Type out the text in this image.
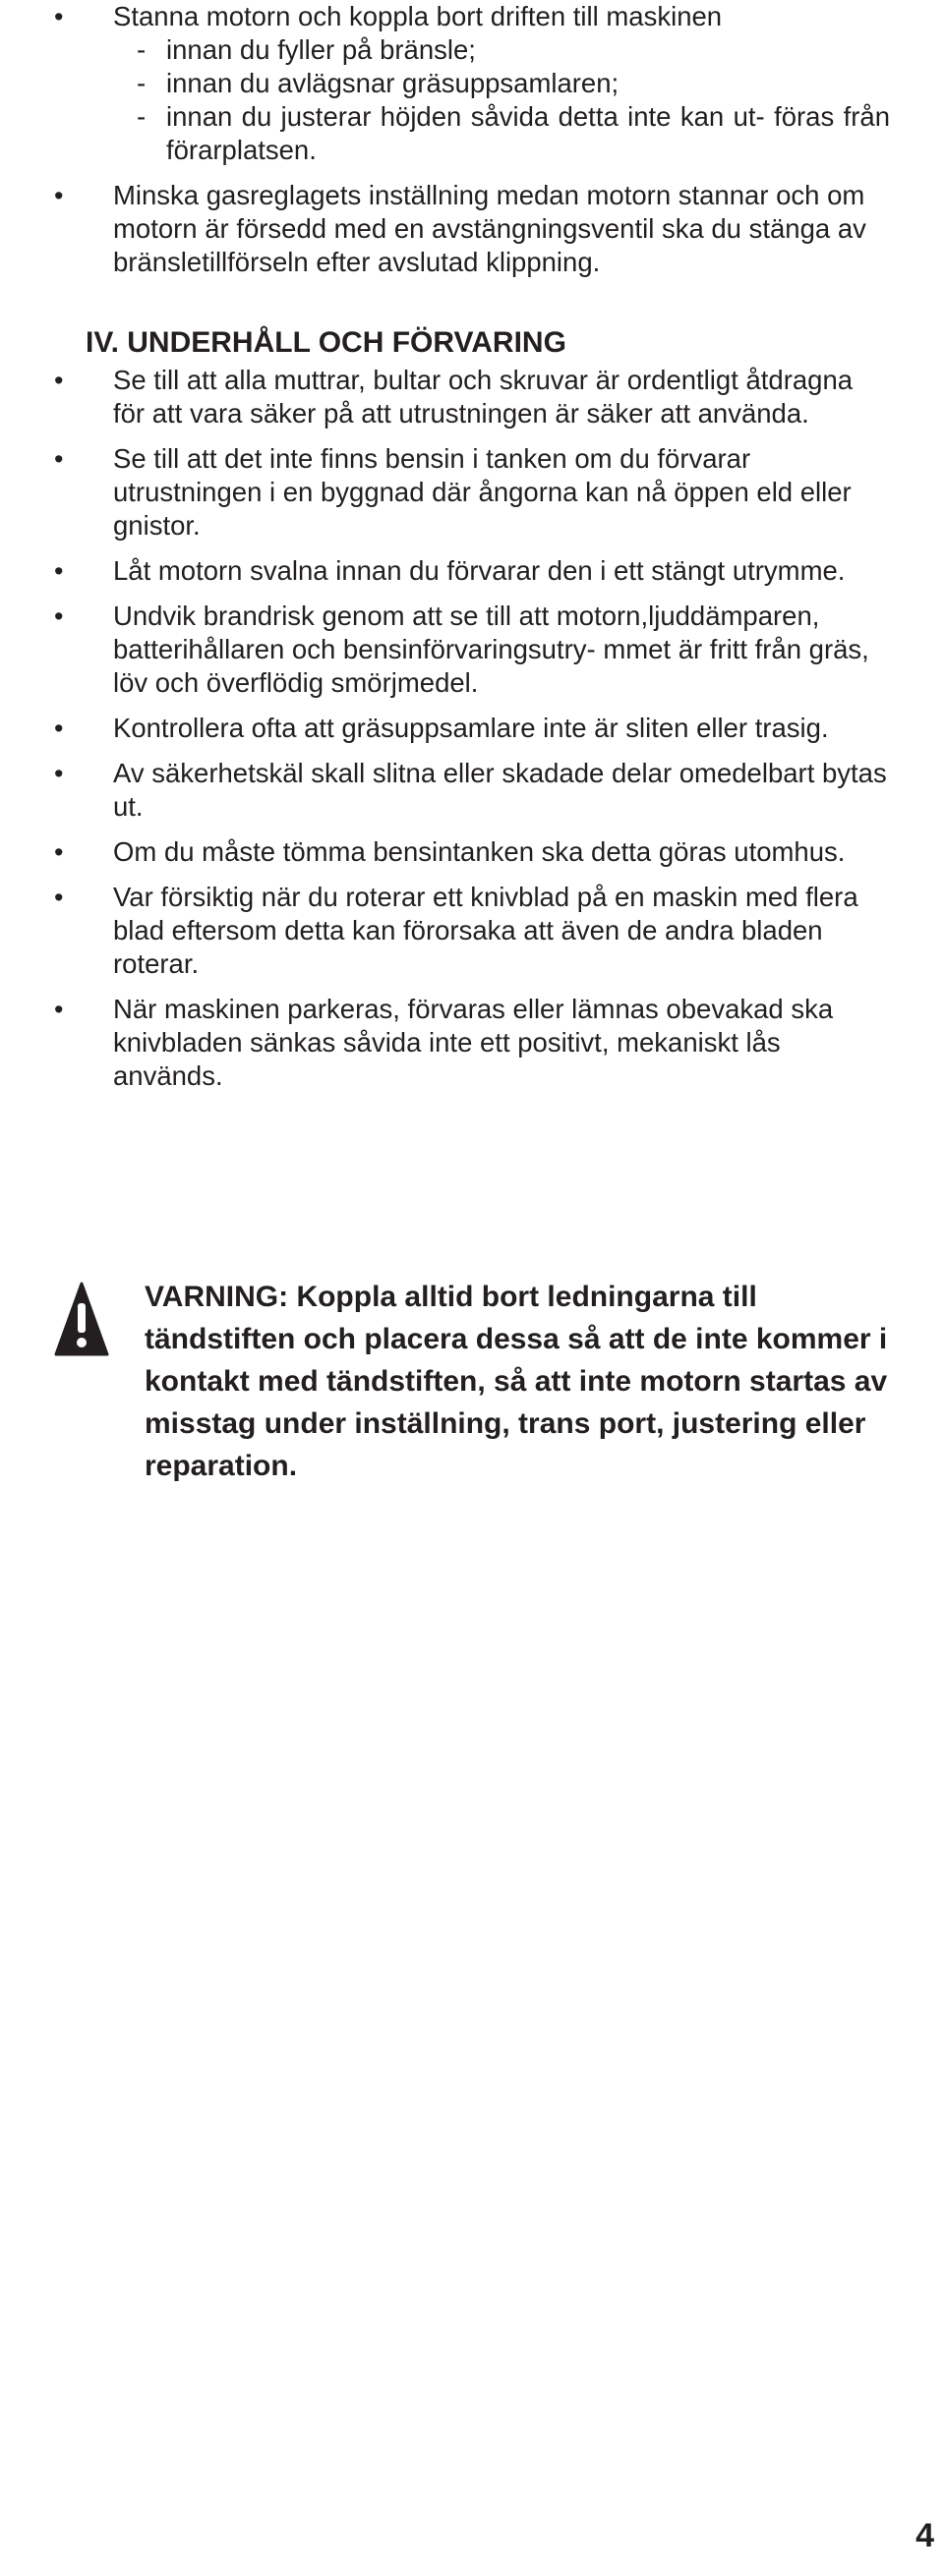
• Stanna motorn och koppla bort driften till maskinen
- innan du fyller på bränsle;
- innan du avlägsnar gräsuppsamlaren;
- innan du justerar höjden såvida detta inte kan ut- föras från förarplatsen.
• Minska gasreglagets inställning medan motorn stannar och om motorn är försedd med en avstängningsventil ska du stänga av bränsletillförseln efter avslutad klippning.
IV. UNDERHÅLL OCH FÖRVARING
• Se till att alla muttrar, bultar och skruvar är ordentligt åtdragna för att vara säker på att utrustningen är säker att använda.
• Se till att det inte finns bensin i tanken om du förvarar utrustningen i en byggnad där ångorna kan nå öppen eld eller gnistor.
• Låt motorn svalna innan du förvarar den i ett stängt utrymme.
• Undvik brandrisk genom att se till att motorn,ljuddämparen, batterihållaren och bensinförvaringsutry- mmet är fritt från gräs, löv och överflödig smörjmedel.
• Kontrollera ofta att gräsuppsamlare inte är sliten eller trasig.
• Av säkerhetskäl skall slitna eller skadade delar omedelbart bytas ut.
• Om du måste tömma bensintanken ska detta göras utomhus.
• Var försiktig när du roterar ett knivblad på en maskin med flera blad eftersom detta kan förorsaka att även de andra bladen roterar.
• När maskinen parkeras, förvaras eller lämnas obevakad ska knivbladen sänkas såvida inte ett positivt, mekaniskt lås används.
VARNING: Koppla alltid bort ledningarna till tändstiften och placera dessa så att de inte kommer i kontakt med tändstiften, så att inte motorn startas av misstag under inställning, trans port, justering eller reparation.
4
